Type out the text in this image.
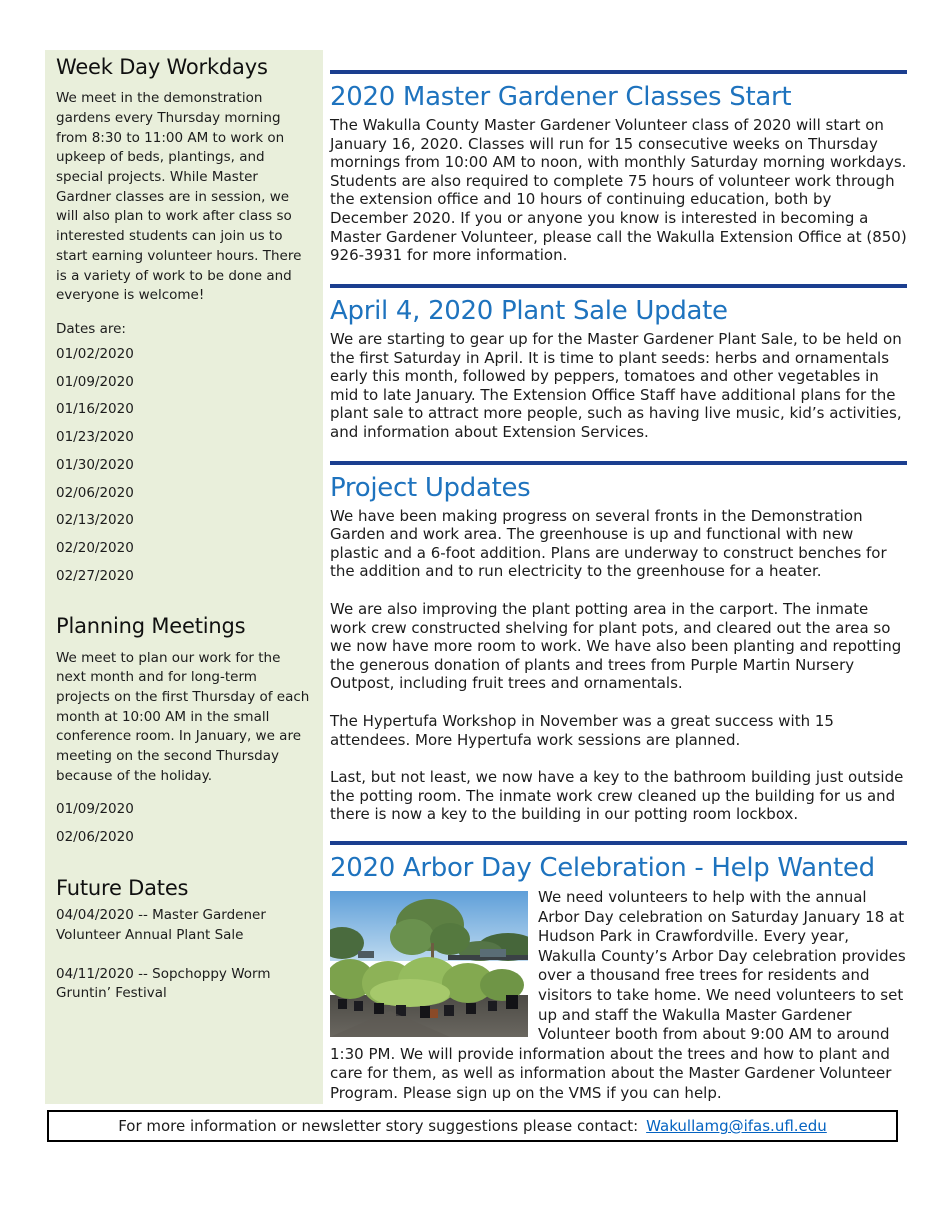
Week Day Workdays

We meet in the demonstration gardens every Thursday morning from 8:30 to 11:00 AM to work on upkeep of beds, plantings, and special projects. While Master Gardner classes are in session, we will also plan to work after class so interested students can join us to start earning volunteer hours. There is a variety of work to be done and everyone is welcome!

Dates are:

01/02/2020
01/09/2020
01/16/2020
01/23/2020
01/30/2020
02/06/2020
02/13/2020
02/20/2020
02/27/2020
Planning Meetings

We meet to plan our work for the next month and for long-term projects on the first Thursday of each month at 10:00 AM in the small conference room. In January, we are meeting on the second Thursday because of the holiday.

01/09/2020
02/06/2020
Future Dates

04/04/2020 -- Master Gardener Volunteer Annual Plant Sale

04/11/2020 -- Sopchoppy Worm Gruntin’ Festival

2020 Master Gardener Classes Start

The Wakulla County Master Gardener Volunteer class of 2020 will start on January 16, 2020. Classes will run for 15 consecutive weeks on Thursday mornings from 10:00 AM to noon, with monthly Saturday morning workdays. Students are also required to complete 75 hours of volunteer work through the extension office and 10 hours of continuing education, both by December 2020. If you or anyone you know is interested in becoming a Master Gardener Volunteer, please call the Wakulla Extension Office at (850) 926-3931 for more information.

April 4, 2020 Plant Sale Update

We are starting to gear up for the Master Gardener Plant Sale, to be held on the first Saturday in April. It is time to plant seeds: herbs and ornamentals early this month, followed by peppers, tomatoes and other vegetables in mid to late January. The Extension Office Staff have additional plans for the plant sale to attract more people, such as having live music, kid’s activities, and information about Extension Services.

Project Updates

We have been making progress on several fronts in the Demonstration Garden and work area. The greenhouse is up and functional with new plastic and a 6-foot addition. Plans are underway to construct benches for the addition and to run electricity to the greenhouse for a heater.

We are also improving the plant potting area in the carport. The inmate work crew constructed shelving for plant pots, and cleared out the area so we now have more room to work. We have also been planting and repotting the generous donation of plants and trees from Purple Martin Nursery Outpost, including fruit trees and ornamentals.

The Hypertufa Workshop in November was a great success with 15 attendees. More Hypertufa work sessions are planned.

Last, but not least, we now have a key to the bathroom building just outside the potting room. The inmate work crew cleaned up the building for us and there is now a key to the building in our potting room lockbox.

2020 Arbor Day Celebration - Help Wanted

We need volunteers to help with the annual Arbor Day celebration on Saturday January 18 at Hudson Park in Crawfordville. Every year, Wakulla County’s Arbor Day celebration provides over a thousand free trees for residents and visitors to take home. We need volunteers to set up and staff the Wakulla Master Gardener Volunteer booth from about 9:00 AM to around 1:30 PM. We will provide information about the trees and how to plant and care for them, as well as information about the Master Gardener Volunteer Program. Please sign up on the VMS if you can help.

For more information or newsletter story suggestions please contact: Wakullamg@ifas.ufl.edu
